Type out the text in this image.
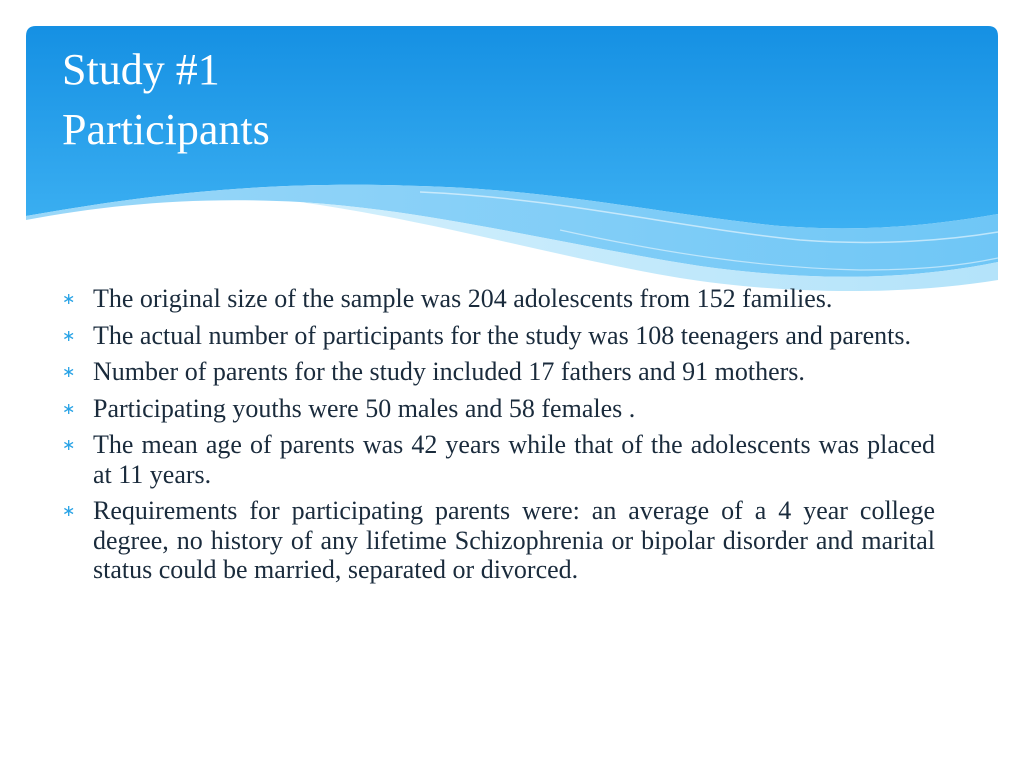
Study #1
Participants
∗ The original size of the sample was 204 adolescents from 152 families.
∗ The actual number of participants for the study was 108 teenagers and parents.
∗ Number of parents for the study included 17 fathers and 91 mothers.
∗ Participating youths were 50 males and 58 females .
∗ The mean age of parents was 42 years while that of the adolescents was placed at 11 years.
∗ Requirements for participating parents were: an average of a 4 year college degree, no history of any lifetime Schizophrenia or bipolar disorder and marital status could be married, separated or divorced.
